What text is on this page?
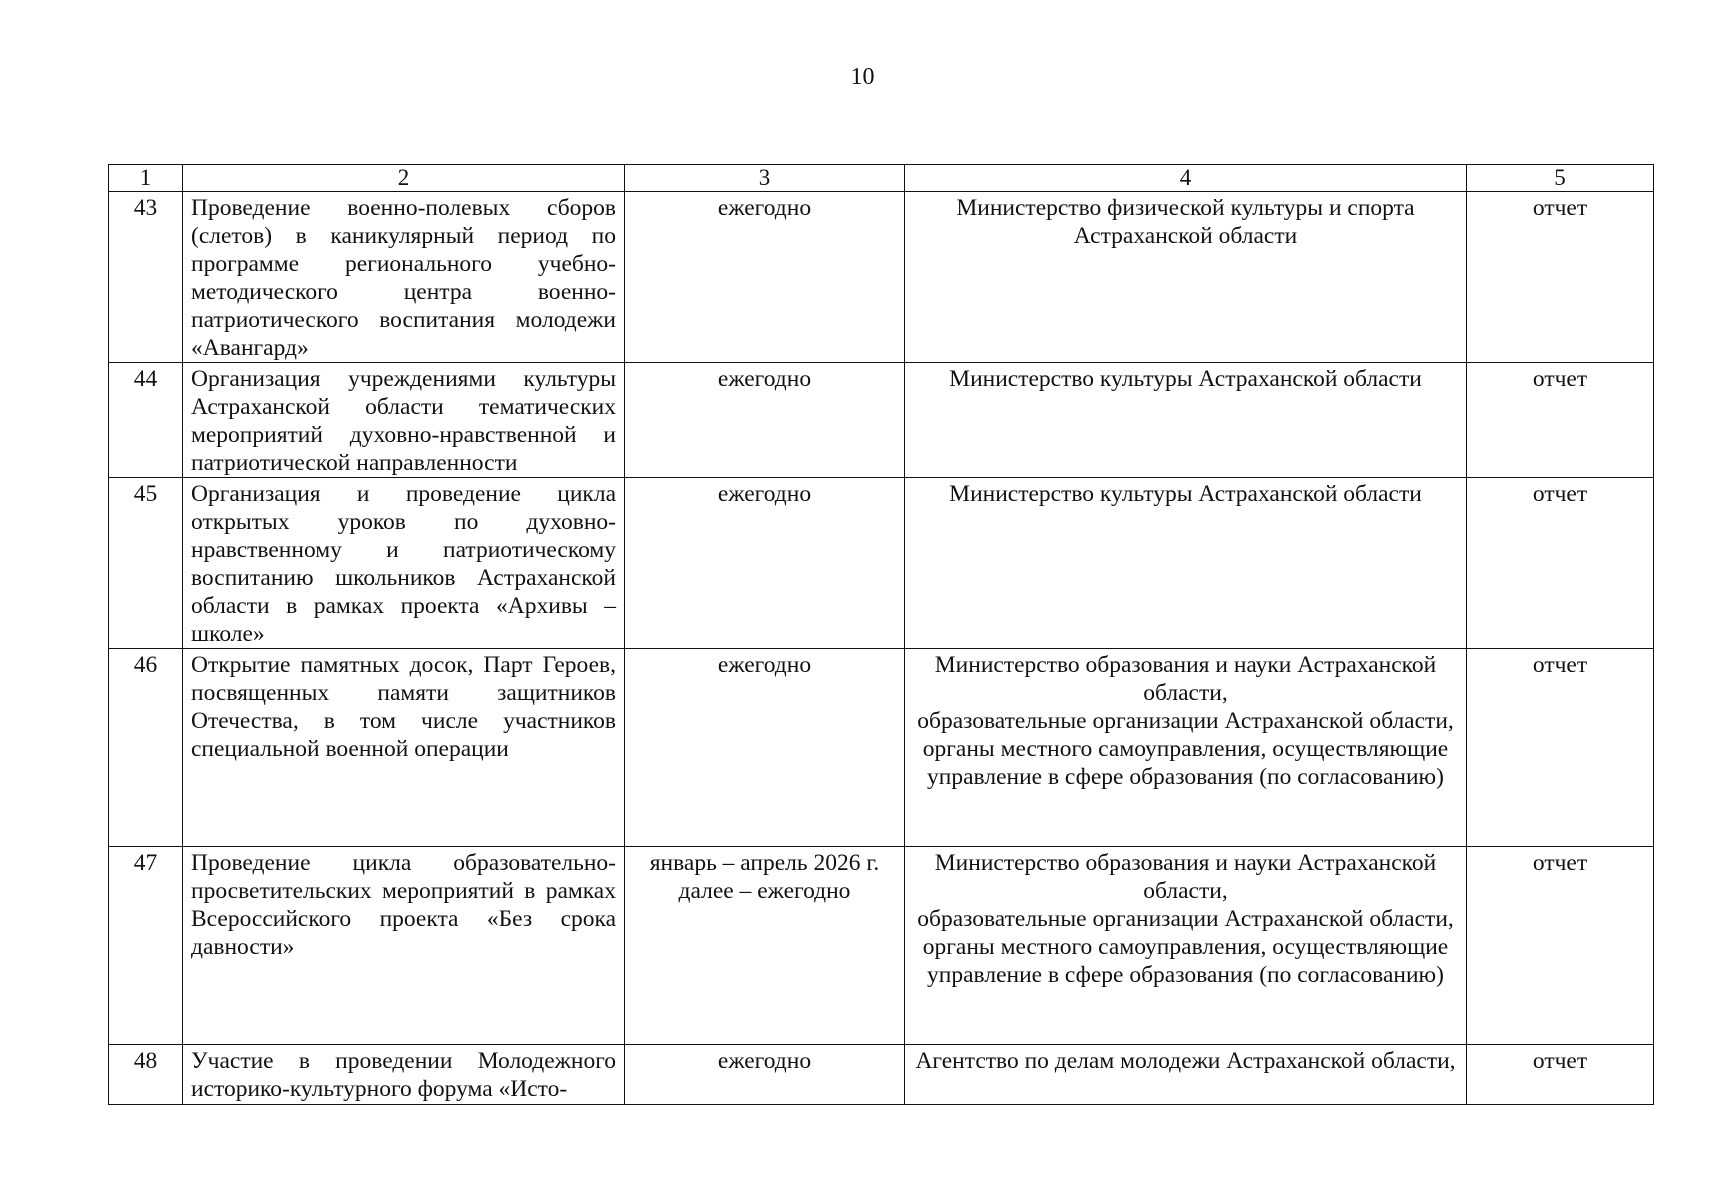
10
1	2	3	4	5
43	Проведение военно-полевых сборов (слетов) в каникулярный период по программе регионального учебно-методического центра военно-патриотического воспитания молодежи «Авангард»	ежегодно	Министерство физической культуры и спорта Астраханской области	отчет
44	Организация учреждениями культуры Астраханской области тематических мероприятий духовно-нравственной и патриотической направленности	ежегодно	Министерство культуры Астраханской области	отчет
45	Организация и проведение цикла открытых уроков по духовно-нравственному и патриотическому воспитанию школьников Астраханской области в рамках проекта «Архивы – школе»	ежегодно	Министерство культуры Астраханской области	отчет
46	Открытие памятных досок, Парт Героев, посвященных памяти защитников Отечества, в том числе участников специальной военной операции	ежегодно	Министерство образования и науки Астраханской области,
образовательные организации Астраханской области,
органы местного самоуправления, осуществляющие управление в сфере образования (по согласованию)	отчет
47	Проведение цикла образовательно-просветительских мероприятий в рамках Всероссийского проекта «Без срока давности»	январь – апрель 2026 г. далее – ежегодно	Министерство образования и науки Астраханской области,
образовательные организации Астраханской области,
органы местного самоуправления, осуществляющие управление в сфере образования (по согласованию)	отчет
48	Участие в проведении Молодежного историко-культурного форума «Исто-	ежегодно	Агентство по делам молодежи Астраханской области,	отчет
